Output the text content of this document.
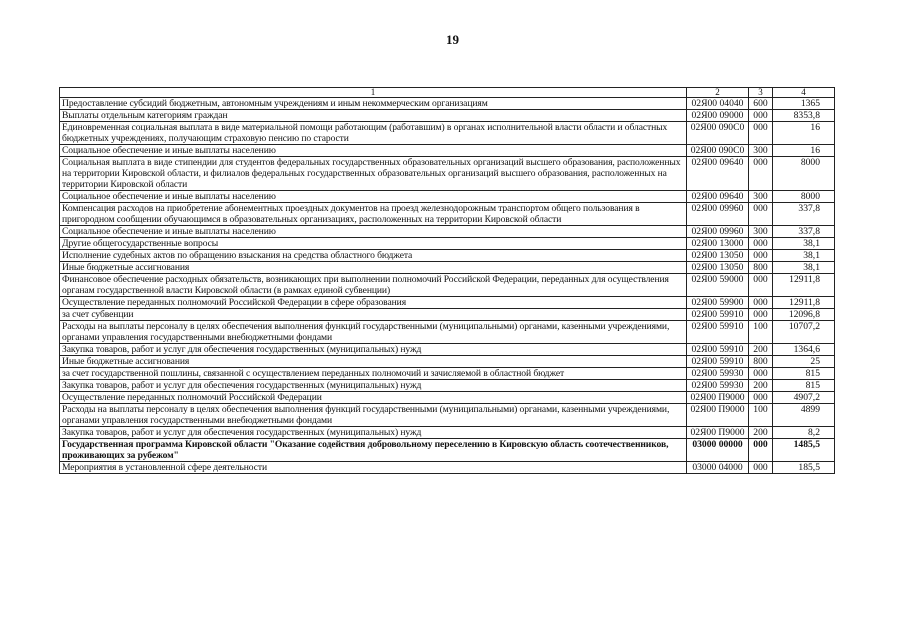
19
1	2	3	4
Предоставление субсидий бюджетным, автономным учреждениям и иным некоммерческим организациям	02Я00 04040	600	1365
Выплаты отдельным категориям граждан	02Я00 09000	000	8353,8
Единовременная социальная выплата в виде материальной помощи работающим (работавшим) в органах исполнительной власти области и областных бюджетных учреждениях, получающим страховую пенсию по старости	02Я00 090С0	000	16
Социальное обеспечение и иные выплаты населению	02Я00 090С0	300	16
Социальная выплата в виде стипендии для студентов федеральных государственных образовательных организаций высшего образования, расположенных на территории Кировской области, и филиалов федеральных государственных образовательных организаций высшего образования, расположенных на территории Кировской области	02Я00 09640	000	8000
Социальное обеспечение и иные выплаты населению	02Я00 09640	300	8000
Компенсация расходов на приобретение абонементных проездных документов на проезд железнодорожным транспортом общего пользования в пригородном сообщении обучающимся в образовательных организациях, расположенных на территории Кировской области	02Я00 09960	000	337,8
Социальное обеспечение и иные выплаты населению	02Я00 09960	300	337,8
Другие общегосударственные вопросы	02Я00 13000	000	38,1
Исполнение судебных актов по обращению взыскания на средства областного бюджета	02Я00 13050	000	38,1
Иные бюджетные ассигнования	02Я00 13050	800	38,1
Финансовое обеспечение расходных обязательств, возникающих при выполнении полномочий Российской Федерации, переданных для осуществления органам государственной власти Кировской области (в рамках единой субвенции)	02Я00 59000	000	12911,8
Осуществление переданных полномочий Российской Федерации в сфере образования	02Я00 59900	000	12911,8
за счет субвенции	02Я00 59910	000	12096,8
Расходы на выплаты персоналу в целях обеспечения выполнения функций государственными (муниципальными) органами, казенными учреждениями, органами управления государственными внебюджетными фондами	02Я00 59910	100	10707,2
Закупка товаров, работ и услуг для обеспечения государственных (муниципальных) нужд	02Я00 59910	200	1364,6
Иные бюджетные ассигнования	02Я00 59910	800	25
за счет государственной пошлины, связанной с осуществлением переданных полномочий и зачисляемой в областной бюджет	02Я00 59930	000	815
Закупка товаров, работ и услуг для обеспечения государственных (муниципальных) нужд	02Я00 59930	200	815
Осуществление переданных полномочий Российской Федерации	02Я00 П9000	000	4907,2
Расходы на выплаты персоналу в целях обеспечения выполнения функций государственными (муниципальными) органами, казенными учреждениями, органами управления государственными внебюджетными фондами	02Я00 П9000	100	4899
Закупка товаров, работ и услуг для обеспечения государственных (муниципальных) нужд	02Я00 П9000	200	8,2
Государственная программа Кировской области "Оказание содействия добровольному переселению в Кировскую область соотечественников, проживающих за рубежом"	03000 00000	000	1485,5
Мероприятия в установленной сфере деятельности	03000 04000	000	185,5
